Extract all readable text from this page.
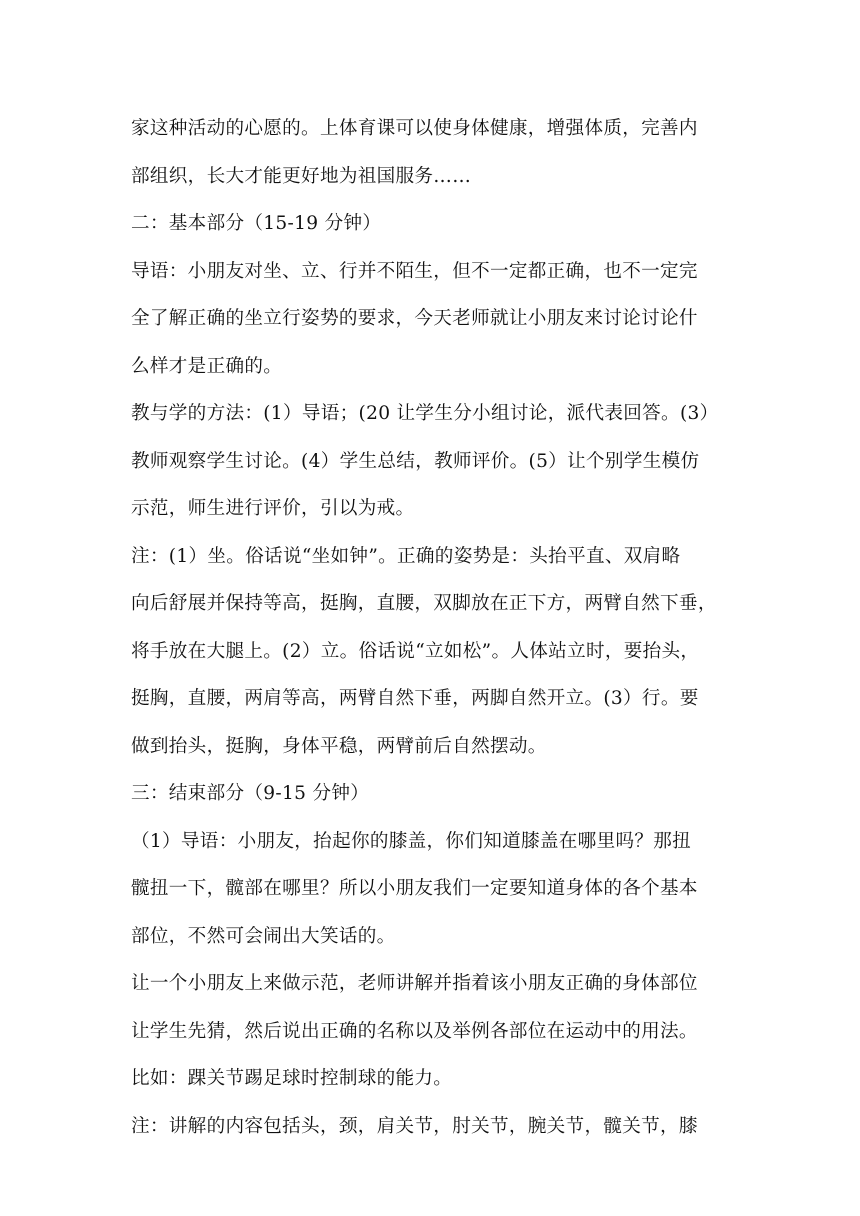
家这种活动的心愿的。上体育课可以使身体健康，增强体质，完善内
部组织，长大才能更好地为祖国服务……
二：基本部分（15-19 分钟）
导语：小朋友对坐、立、行并不陌生，但不一定都正确，也不一定完
全了解正确的坐立行姿势的要求，今天老师就让小朋友来讨论讨论什
么样才是正确的。
教与学的方法：(1）导语；(20 让学生分小组讨论，派代表回答。(3）
教师观察学生讨论。(4）学生总结，教师评价。(5）让个别学生模仿
示范，师生进行评价，引以为戒。
注：(1）坐。俗话说“坐如钟”。正确的姿势是：头抬平直、双肩略
向后舒展并保持等高，挺胸，直腰，双脚放在正下方，两臂自然下垂，
将手放在大腿上。(2）立。俗话说“立如松”。人体站立时，要抬头，
挺胸，直腰，两肩等高，两臂自然下垂，两脚自然开立。(3）行。要
做到抬头，挺胸，身体平稳，两臂前后自然摆动。
三：结束部分（9-15 分钟）
（1）导语：小朋友，抬起你的膝盖，你们知道膝盖在哪里吗？那扭
髋扭一下，髋部在哪里？所以小朋友我们一定要知道身体的各个基本
部位，不然可会闹出大笑话的。
让一个小朋友上来做示范，老师讲解并指着该小朋友正确的身体部位
让学生先猜，然后说出正确的名称以及举例各部位在运动中的用法。
比如：踝关节踢足球时控制球的能力。
注：讲解的内容包括头，颈，肩关节，肘关节，腕关节，髋关节，膝
